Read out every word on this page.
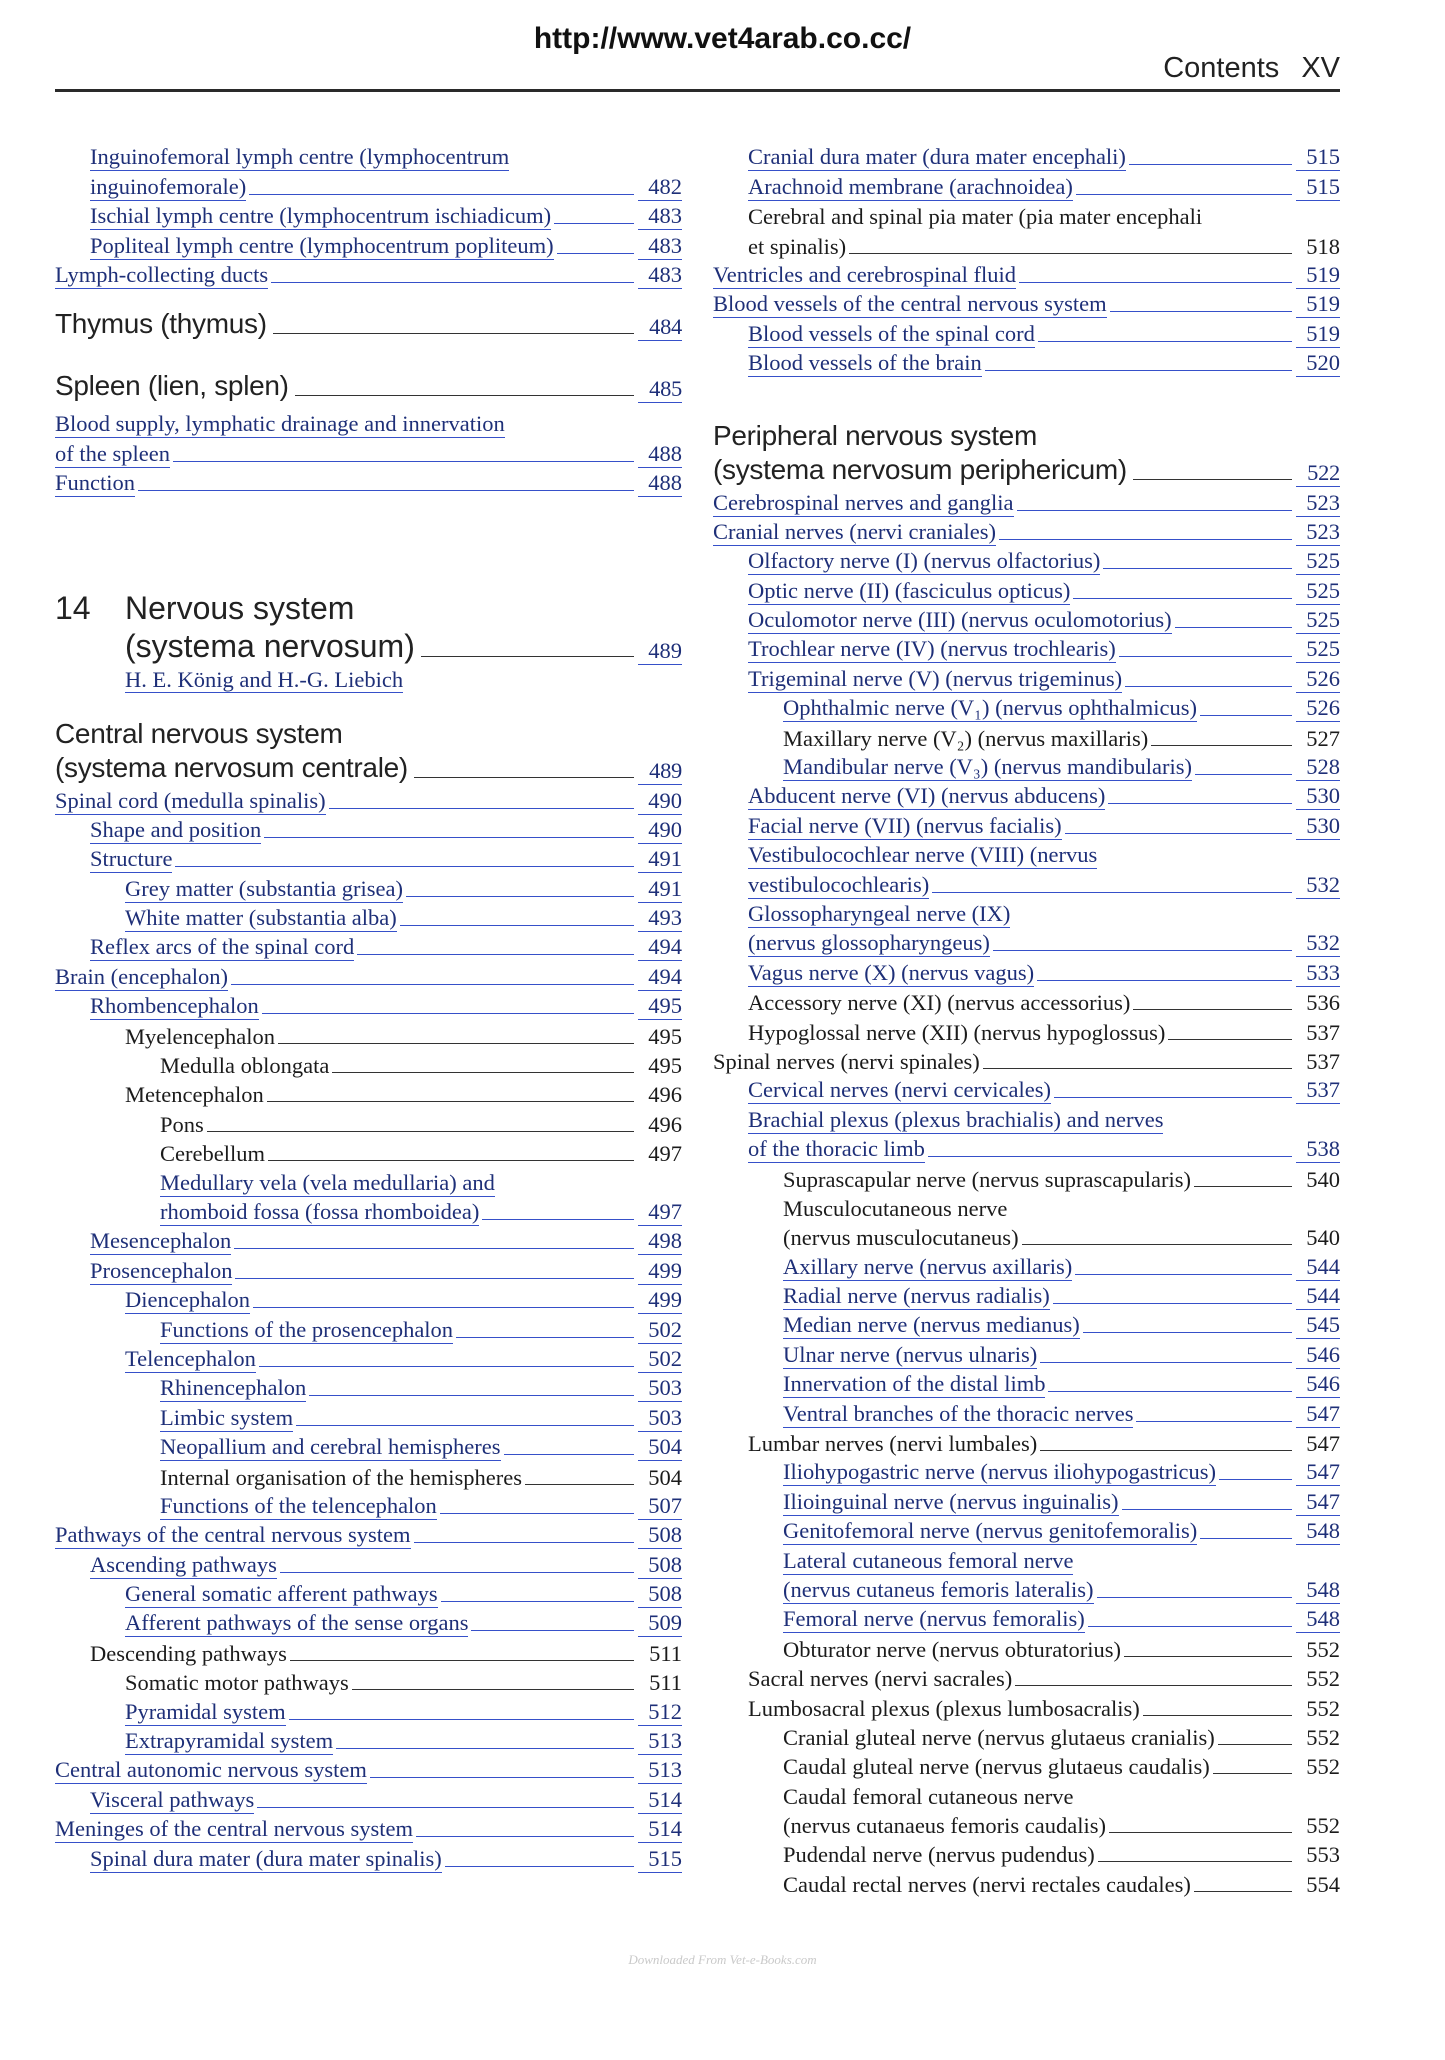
http://www.vet4arab.co.cc/
Contents XV
Inguinofemoral lymph centre (lymphocentrum
inguinofemorale)	482
Ischial lymph centre (lymphocentrum ischiadicum)	483
Popliteal lymph centre (lymphocentrum popliteum)	483
Lymph-collecting ducts	483
Thymus (thymus)	484
Spleen (lien, splen)	485
Blood supply, lymphatic drainage and innervation
of the spleen	488
Function	488
14	Nervous system
(systema nervosum)	489
H. E. König and H.-G. Liebich
Central nervous system
(systema nervosum centrale)	489
Spinal cord (medulla spinalis)	490
Shape and position	490
Structure	491
Grey matter (substantia grisea)	491
White matter (substantia alba)	493
Reflex arcs of the spinal cord	494
Brain (encephalon)	494
Rhombencephalon	495
Myelencephalon	495
Medulla oblongata	495
Metencephalon	496
Pons	496
Cerebellum	497
Medullary vela (vela medullaria) and
rhomboid fossa (fossa rhomboidea)	497
Mesencephalon	498
Prosencephalon	499
Diencephalon	499
Functions of the prosencephalon	502
Telencephalon	502
Rhinencephalon	503
Limbic system	503
Neopallium and cerebral hemispheres	504
Internal organisation of the hemispheres	504
Functions of the telencephalon	507
Pathways of the central nervous system	508
Ascending pathways	508
General somatic afferent pathways	508
Afferent pathways of the sense organs	509
Descending pathways	511
Somatic motor pathways	511
Pyramidal system	512
Extrapyramidal system	513
Central autonomic nervous system	513
Visceral pathways	514
Meninges of the central nervous system	514
Spinal dura mater (dura mater spinalis)	515
Cranial dura mater (dura mater encephali)	515
Arachnoid membrane (arachnoidea)	515
Cerebral and spinal pia mater (pia mater encephali
et spinalis)	518
Ventricles and cerebrospinal fluid	519
Blood vessels of the central nervous system	519
Blood vessels of the spinal cord	519
Blood vessels of the brain	520
Peripheral nervous system
(systema nervosum periphericum)	522
Cerebrospinal nerves and ganglia	523
Cranial nerves (nervi craniales)	523
Olfactory nerve (I) (nervus olfactorius)	525
Optic nerve (II) (fasciculus opticus)	525
Oculomotor nerve (III) (nervus oculomotorius)	525
Trochlear nerve (IV) (nervus trochlearis)	525
Trigeminal nerve (V) (nervus trigeminus)	526
Ophthalmic nerve (V₁) (nervus ophthalmicus)	526
Maxillary nerve (V₂) (nervus maxillaris)	527
Mandibular nerve (V₃) (nervus mandibularis)	528
Abducent nerve (VI) (nervus abducens)	530
Facial nerve (VII) (nervus facialis)	530
Vestibulocochlear nerve (VIII) (nervus
vestibulocochlearis)	532
Glossopharyngeal nerve (IX)
(nervus glossopharyngeus)	532
Vagus nerve (X) (nervus vagus)	533
Accessory nerve (XI) (nervus accessorius)	536
Hypoglossal nerve (XII) (nervus hypoglossus)	537
Spinal nerves (nervi spinales)	537
Cervical nerves (nervi cervicales)	537
Brachial plexus (plexus brachialis) and nerves
of the thoracic limb	538
Suprascapular nerve (nervus suprascapularis)	540
Musculocutaneous nerve
(nervus musculocutaneus)	540
Axillary nerve (nervus axillaris)	544
Radial nerve (nervus radialis)	544
Median nerve (nervus medianus)	545
Ulnar nerve (nervus ulnaris)	546
Innervation of the distal limb	546
Ventral branches of the thoracic nerves	547
Lumbar nerves (nervi lumbales)	547
Iliohypogastric nerve (nervus iliohypogastricus)	547
Ilioinguinal nerve (nervus inguinalis)	547
Genitofemoral nerve (nervus genitofemoralis)	548
Lateral cutaneous femoral nerve
(nervus cutaneus femoris lateralis)	548
Femoral nerve (nervus femoralis)	548
Obturator nerve (nervus obturatorius)	552
Sacral nerves (nervi sacrales)	552
Lumbosacral plexus (plexus lumbosacralis)	552
Cranial gluteal nerve (nervus glutaeus cranialis)	552
Caudal gluteal nerve (nervus glutaeus caudalis)	552
Caudal femoral cutaneous nerve
(nervus cutanaeus femoris caudalis)	552
Pudendal nerve (nervus pudendus)	553
Caudal rectal nerves (nervi rectales caudales)	554
Downloaded From Vet-e-Books.com
